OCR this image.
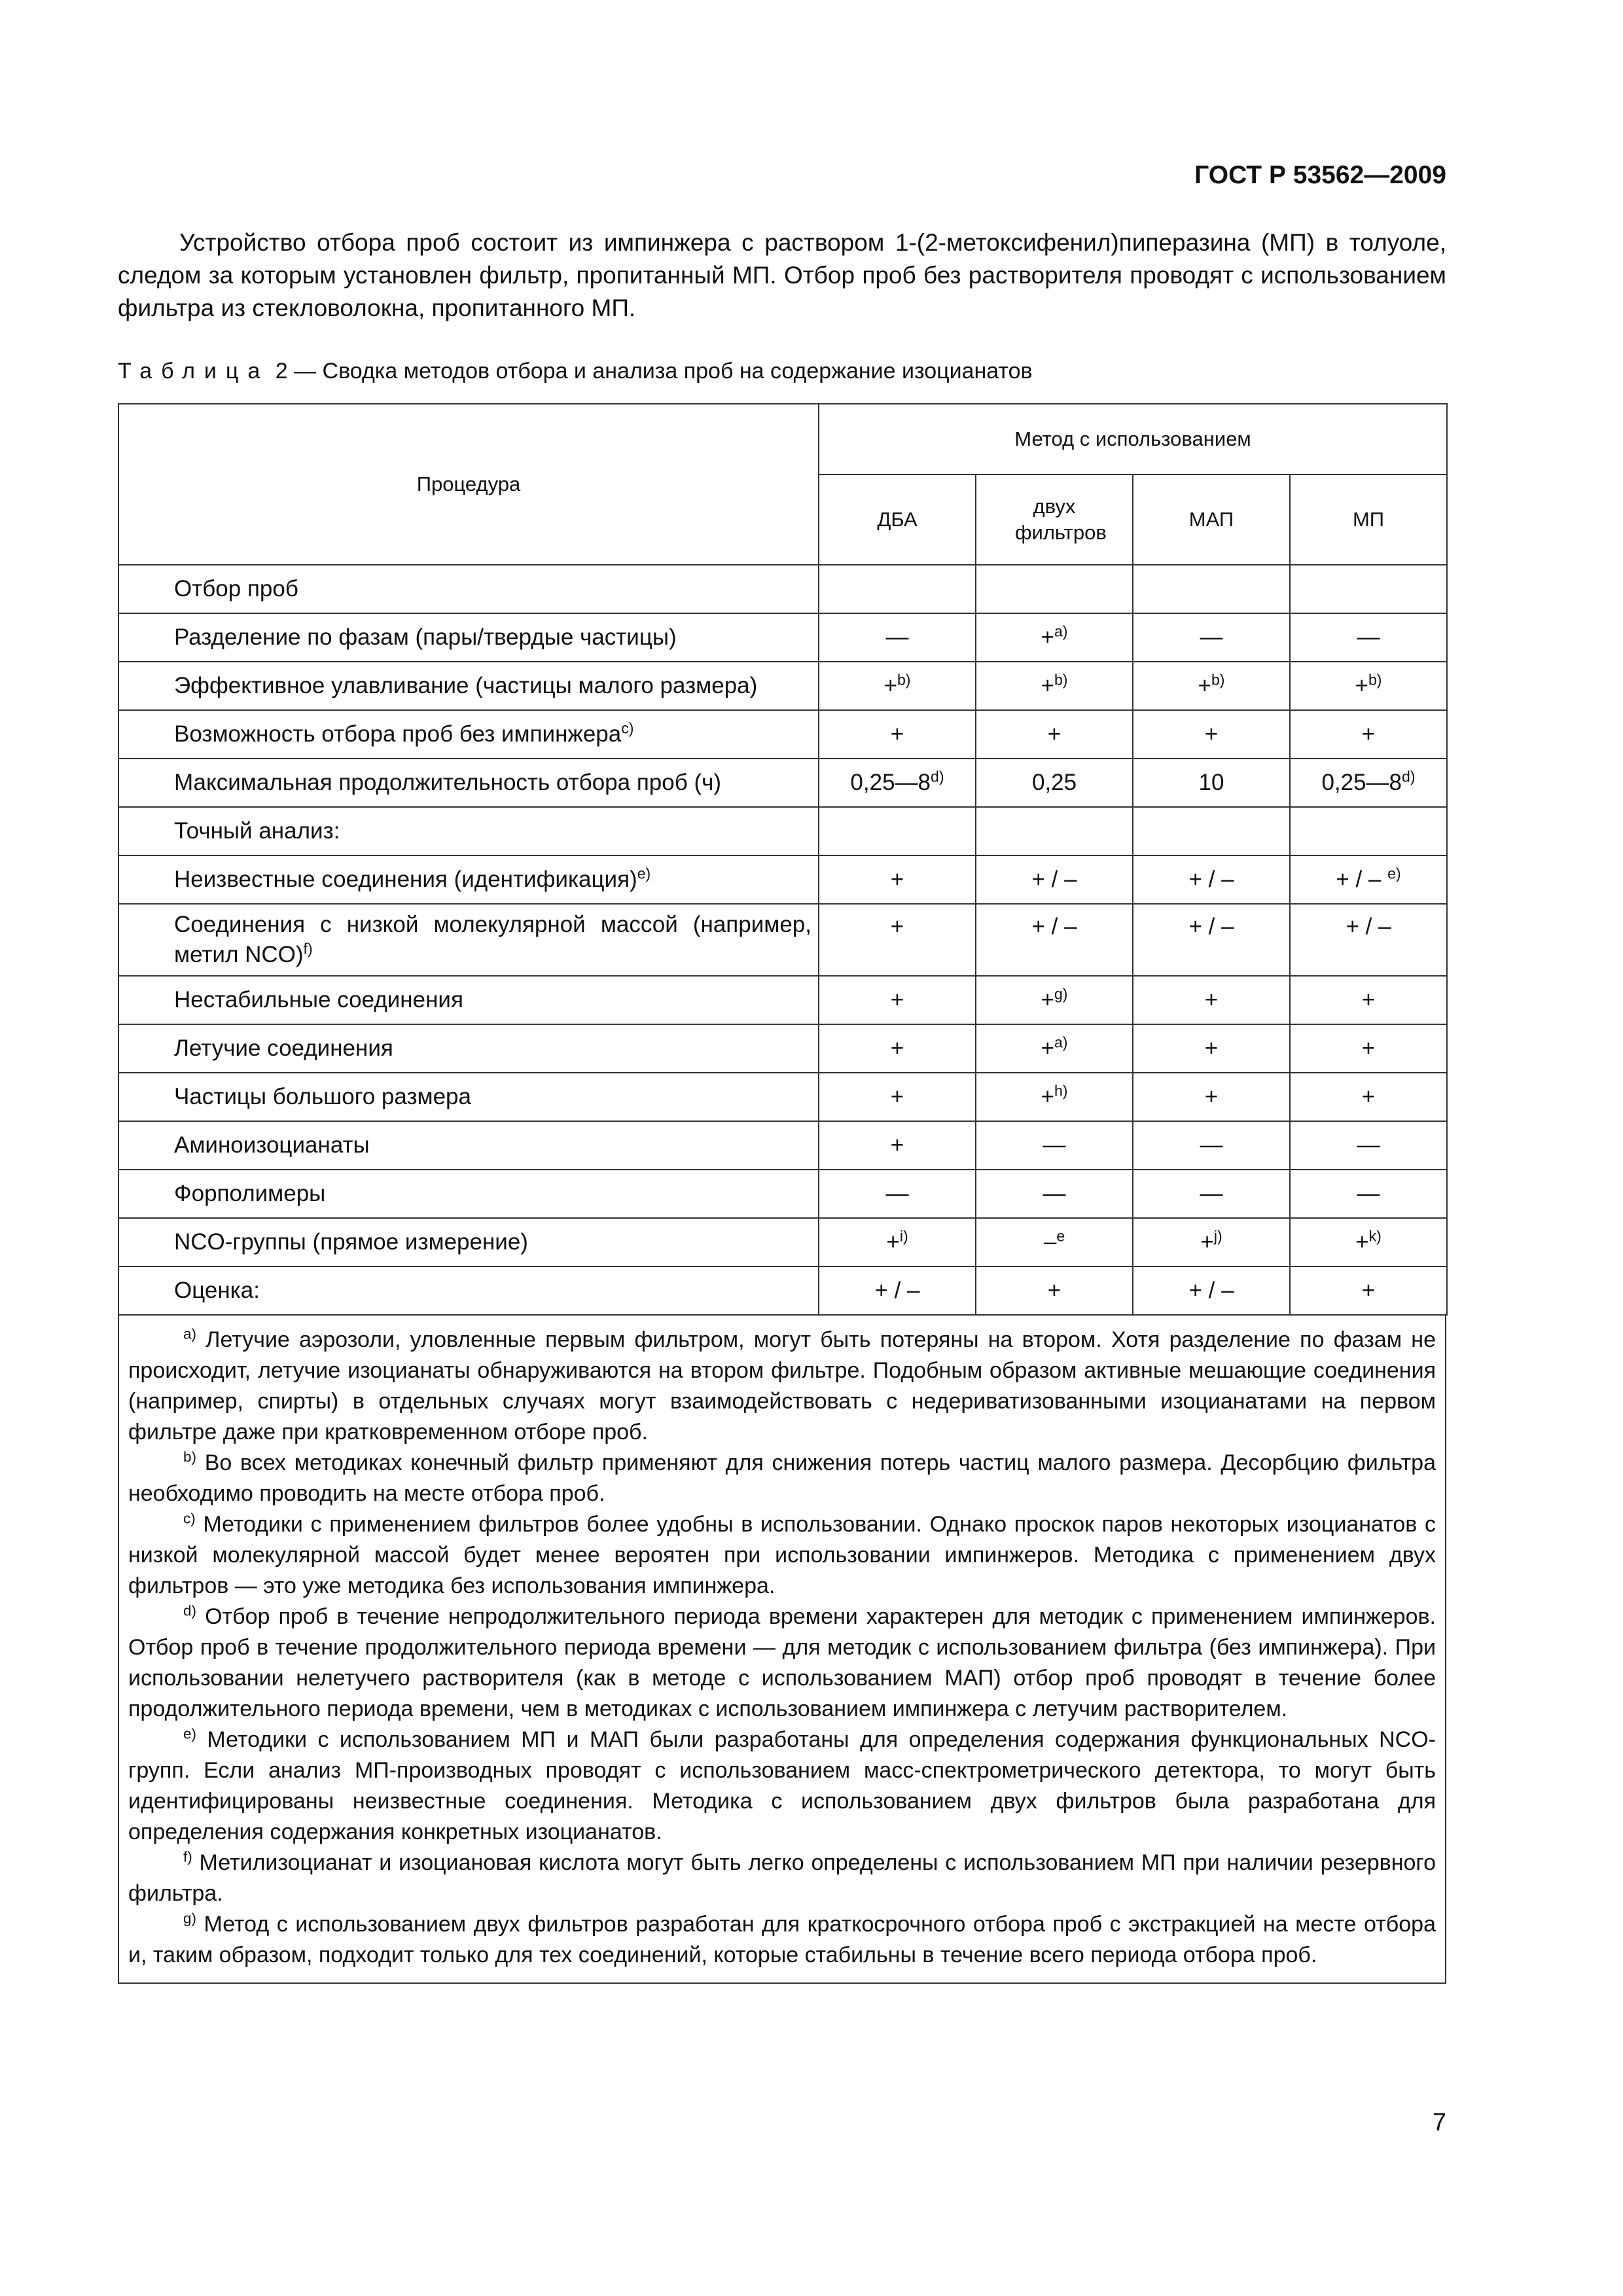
ГОСТ Р 53562—2009

Устройство отбора проб состоит из импинжера с раствором 1-(2-метоксифенил)пиперазина (МП) в толуоле, следом за которым установлен фильтр, пропитанный МП. Отбор проб без растворителя проводят с использованием фильтра из стекловолокна, пропитанного МП.

Таблица 2 — Сводка методов отбора и анализа проб на содержание изоцианатов
Процедура	Метод с использованием			
	ДБА	двух фильтров	МАП	МП
Отбор проб				
Разделение по фазам (пары/твердые частицы)	—	+$^{a)}$	—	—
Эффективное улавливание (частицы малого размера)	+$^{b)}$	+$^{b)}$	+$^{b)}$	+$^{b)}$
Возможность отбора проб без импинжера$^{c)}$	+	+	+	+
Максимальная продолжительность отбора проб (ч)	0,25—8$^{d)}$	0,25	10	0,25—8$^{d)}$
Точный анализ:				
Неизвестные соединения (идентификация)$^{e)}$	+	+ / –	+ / –	+ / – $^{e)}$
Соединения с низкой молекулярной массой (например, метил NCO)$^{f)}$	+	+ / –	+ / –	+ / –
Нестабильные соединения	+	+$^{g)}$	+	+
Летучие соединения	+	+$^{a)}$	+	+
Частицы большого размера	+	+$^{h)}$	+	+
Аминоизоцианаты	+	—	—	—
Форполимеры	—	—	—	—
NCO-группы (прямое измерение)	+$^{i)}$	–$^e$	+$^{j)}$	+$^{k)}$
Оценка:	+ / –	+	+ / –	+
$^{a)}$ Летучие аэрозоли, уловленные первым фильтром, могут быть потеряны на втором. Хотя разделение по фазам не происходит, летучие изоцианаты обнаруживаются на втором фильтре. Подобным образом активные мешающие соединения (например, спирты) в отдельных случаях могут взаимодействовать с недериватизованными изоцианатами на первом фильтре даже при кратковременном отборе проб.
$^{b)}$ Во всех методиках конечный фильтр применяют для снижения потерь частиц малого размера. Десорбцию фильтра необходимо проводить на месте отбора проб.
$^{c)}$ Методики с применением фильтров более удобны в использовании. Однако проскок паров некоторых изоцианатов с низкой молекулярной массой будет менее вероятен при использовании импинжеров. Методика с применением двух фильтров — это уже методика без использования импинжера.
$^{d)}$ Отбор проб в течение непродолжительного периода времени характерен для методик с применением импинжеров. Отбор проб в течение продолжительного периода времени — для методик с использованием фильтра (без импинжера). При использовании нелетучего растворителя (как в методе с использованием МАП) отбор проб проводят в течение более продолжительного периода времени, чем в методиках с использованием импинжера с летучим растворителем.
$^{e)}$ Методики с использованием МП и МАП были разработаны для определения содержания функциональных NCO-групп. Если анализ МП-производных проводят с использованием масс-спектрометрического детектора, то могут быть идентифицированы неизвестные соединения. Методика с использованием двух фильтров была разработана для определения содержания конкретных изоцианатов.
$^{f)}$ Метилизоцианат и изоциановая кислота могут быть легко определены с использованием МП при наличии резервного фильтра.
$^{g)}$ Метод с использованием двух фильтров разработан для краткосрочного отбора проб с экстракцией на месте отбора и, таким образом, подходит только для тех соединений, которые стабильны в течение всего периода отбора проб.
7
